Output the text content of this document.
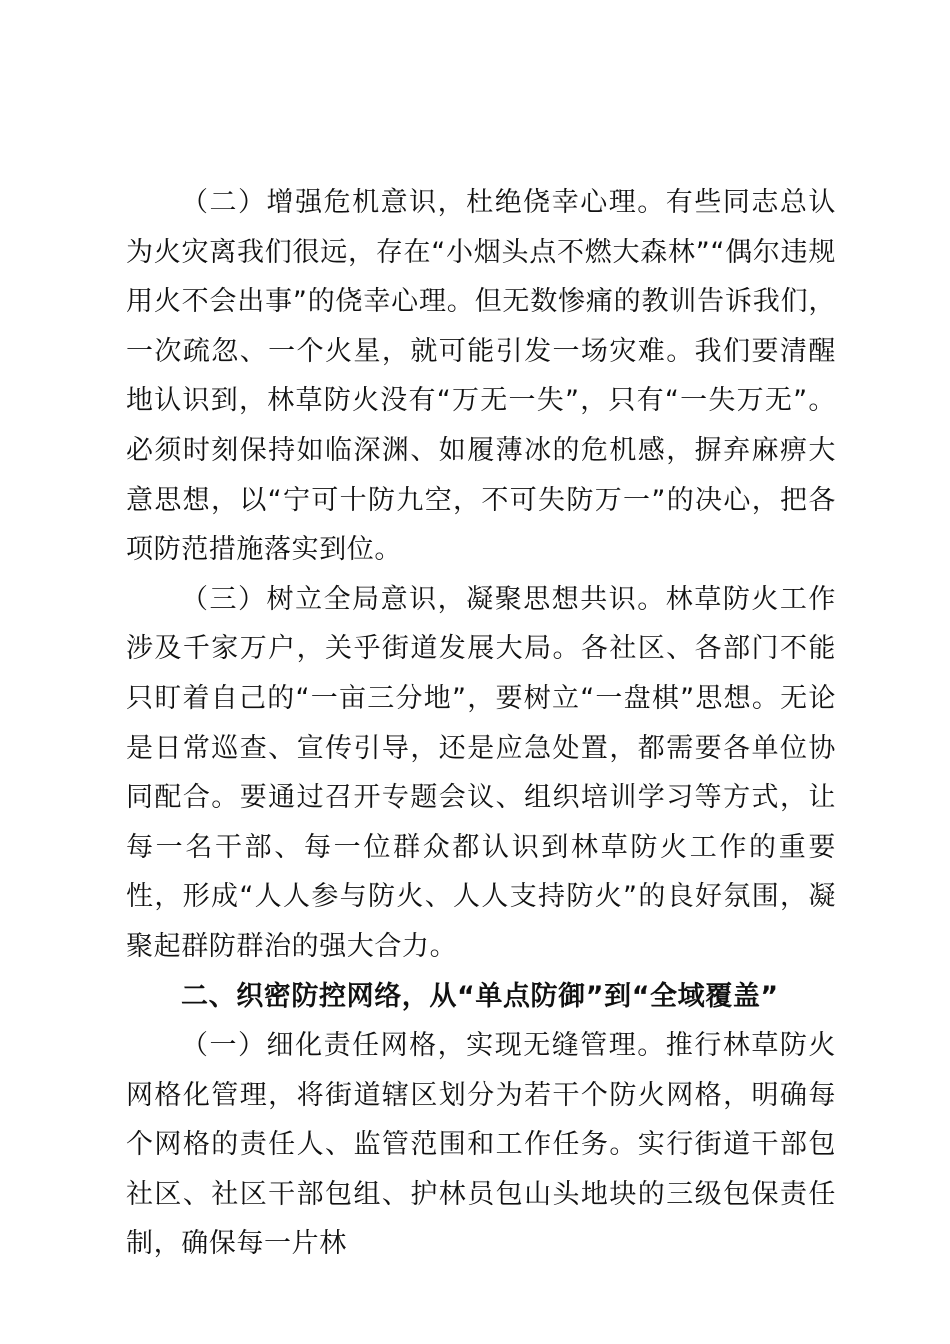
（二）增强危机意识，杜绝侥幸心理。有些同志总认为火灾离我们很远，存在“小烟头点不燃大森林”“偶尔违规用火不会出事”的侥幸心理。但无数惨痛的教训告诉我们，一次疏忽、一个火星，就可能引发一场灾难。我们要清醒地认识到，林草防火没有“万无一失”，只有“一失万无”。必须时刻保持如临深渊、如履薄冰的危机感，摒弃麻痹大意思想，以“宁可十防九空，不可失防万一”的决心，把各项防范措施落实到位。

（三）树立全局意识，凝聚思想共识。林草防火工作涉及千家万户，关乎街道发展大局。各社区、各部门不能只盯着自己的“一亩三分地”，要树立“一盘棋”思想。无论是日常巡查、宣传引导，还是应急处置，都需要各单位协同配合。要通过召开专题会议、组织培训学习等方式，让每一名干部、每一位群众都认识到林草防火工作的重要性，形成“人人参与防火、人人支持防火”的良好氛围，凝聚起群防群治的强大合力。

二、织密防控网络，从“单点防御”到“全域覆盖”

（一）细化责任网格，实现无缝管理。推行林草防火网格化管理，将街道辖区划分为若干个防火网格，明确每个网格的责任人、监管范围和工作任务。实行街道干部包社区、社区干部包组、护林员包山头地块的三级包保责任制，确保每一片林
